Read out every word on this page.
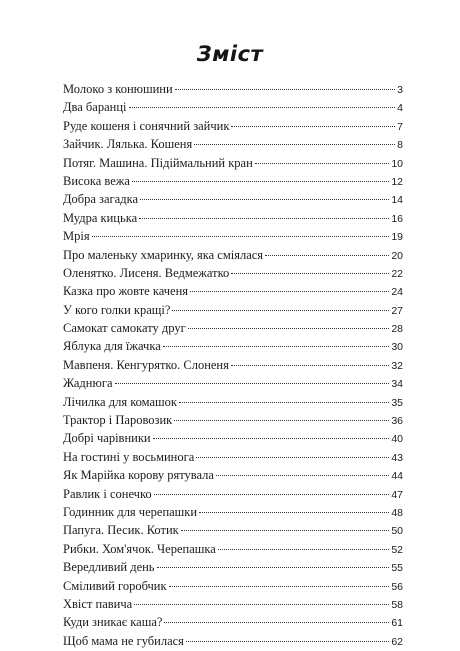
Зміст
Молоко з конюшини	3
Два баранці	4
Руде кошеня і сонячний зайчик	7
Зайчик. Лялька. Кошеня	8
Потяг. Машина. Підіймальний кран	10
Висока вежа	12
Добра загадка	14
Мудра кицька	16
Мрія	19
Про маленьку хмаринку, яка сміялася	20
Оленятко. Лисеня. Ведмежатко	22
Казка про жовте каченя	24
У кого голки кращі?	27
Самокат самокату друг	28
Яблука для їжачка	30
Мавпеня. Кенгурятко. Слоненя	32
Жаднюга	34
Лічилка для комашок	35
Трактор і Паровозик	36
Добрі чарівники	40
На гостині у восьминога	43
Як Марійка корову рятувала	44
Равлик і сонечко	47
Годинник для черепашки	48
Папуга. Песик. Котик	50
Рибки. Хом'ячок. Черепашка	52
Вередливий день	55
Сміливий горобчик	56
Хвіст павича	58
Куди зникає каша?	61
Щоб мама не губилася	62
